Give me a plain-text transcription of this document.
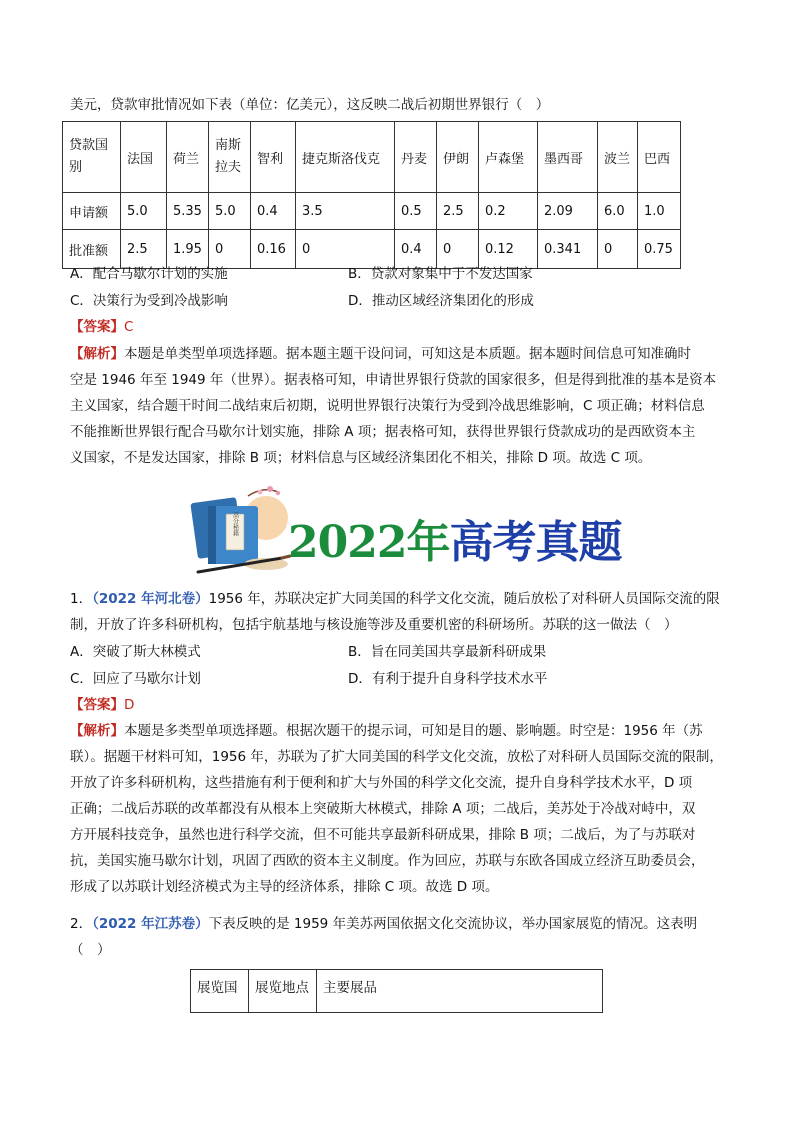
美元，贷款审批情况如下表（单位：亿美元），这反映二战后初期世界银行（　）
贷款国别	法国	荷兰	南斯拉夫	智利	捷克斯洛伐克	丹麦	伊朗	卢森堡	墨西哥	波兰	巴西
申请额	5.0	5.35	5.0	0.4	3.5	0.5	2.5	0.2	2.09	6.0	1.0
批准额	2.5	1.95	0	0.16	0	0.4	0	0.12	0.341	0	0.75
A．配合马歇尔计划的实施	B．贷款对象集中于不发达国家
C．决策行为受到冷战影响	D．推动区域经济集团化的形成
【答案】C
【解析】本题是单类型单项选择题。据本题主题干设问词，可知这是本质题。据本题时间信息可知准确时
空是 1946 年至 1949 年（世界）。据表格可知，申请世界银行贷款的国家很多，但是得到批准的基本是资本
主义国家，结合题干时间二战结束后初期，说明世界银行决策行为受到冷战思维影响，C 项正确；材料信息
不能推断世界银行配合马歇尔计划实施，排除 A 项；据表格可知，获得世界银行贷款成功的是西欧资本主
义国家，不是发达国家，排除 B 项；材料信息与区域经济集团化不相关，排除 D 项。故选 C 项。
高分秘籍 2022年高考真题
1．（2022 年河北卷）1956 年，苏联决定扩大同美国的科学文化交流，随后放松了对科研人员国际交流的限
制，开放了许多科研机构，包括宇航基地与核设施等涉及重要机密的科研场所。苏联的这一做法（　）
A．突破了斯大林模式	B．旨在同美国共享最新科研成果
C．回应了马歇尔计划	D．有利于提升自身科学技术水平
【答案】D
【解析】本题是多类型单项选择题。根据次题干的提示词，可知是目的题、影响题。时空是：1956 年（苏
联）。据题干材料可知，1956 年，苏联为了扩大同美国的科学文化交流，放松了对科研人员国际交流的限制，
开放了许多科研机构，这些措施有利于便利和扩大与外国的科学文化交流，提升自身科学技术水平，D 项
正确；二战后苏联的改革都没有从根本上突破斯大林模式，排除 A 项；二战后，美苏处于冷战对峙中，双
方开展科技竞争，虽然也进行科学交流，但不可能共享最新科研成果，排除 B 项；二战后，为了与苏联对
抗，美国实施马歇尔计划，巩固了西欧的资本主义制度。作为回应，苏联与东欧各国成立经济互助委员会，
形成了以苏联计划经济模式为主导的经济体系，排除 C 项。故选 D 项。
2．（2022 年江苏卷）下表反映的是 1959 年美苏两国依据文化交流协议，举办国家展览的情况。这表明
（　）
展览国	展览地点	主要展品
